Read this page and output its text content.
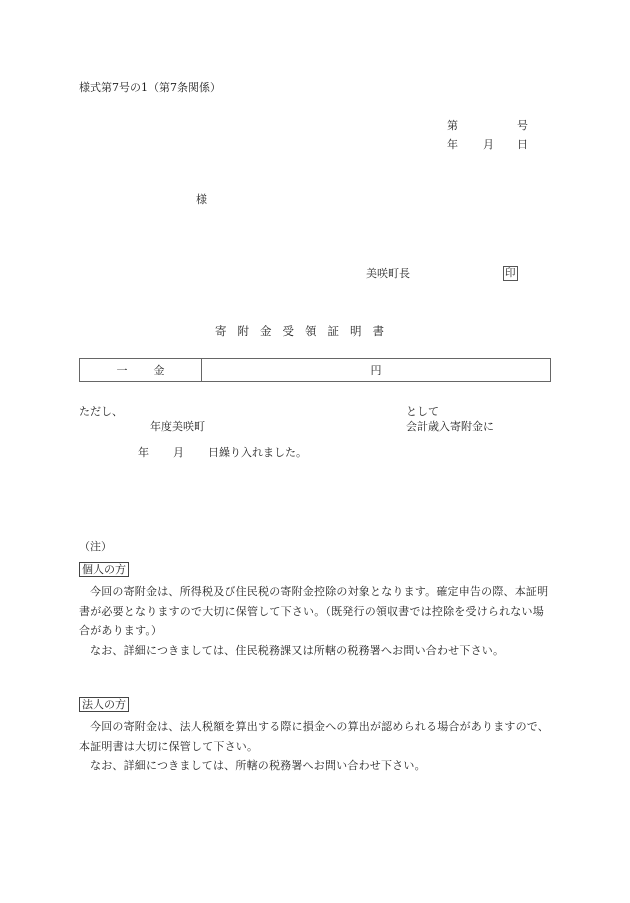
様式第7号の1（第7条関係）
第	号
年 月 日
様
美咲町長	印
寄附金受領証明書
一金	円
ただし、	として
年度美咲町	会計歳入寄附金に
年 月 日繰り入れました。
（注）
個人の方

今回の寄附金は、所得税及び住民税の寄附金控除の対象となります。確定申告の際、本証明書が必要となりますので大切に保管して下さい。（既発行の領収書では控除を受けられない場合があります。）

なお、詳細につきましては、住民税務課又は所轄の税務署へお問い合わせ下さい。

法人の方

今回の寄附金は、法人税額を算出する際に損金への算出が認められる場合がありますので、本証明書は大切に保管して下さい。

なお、詳細につきましては、所轄の税務署へお問い合わせ下さい。
